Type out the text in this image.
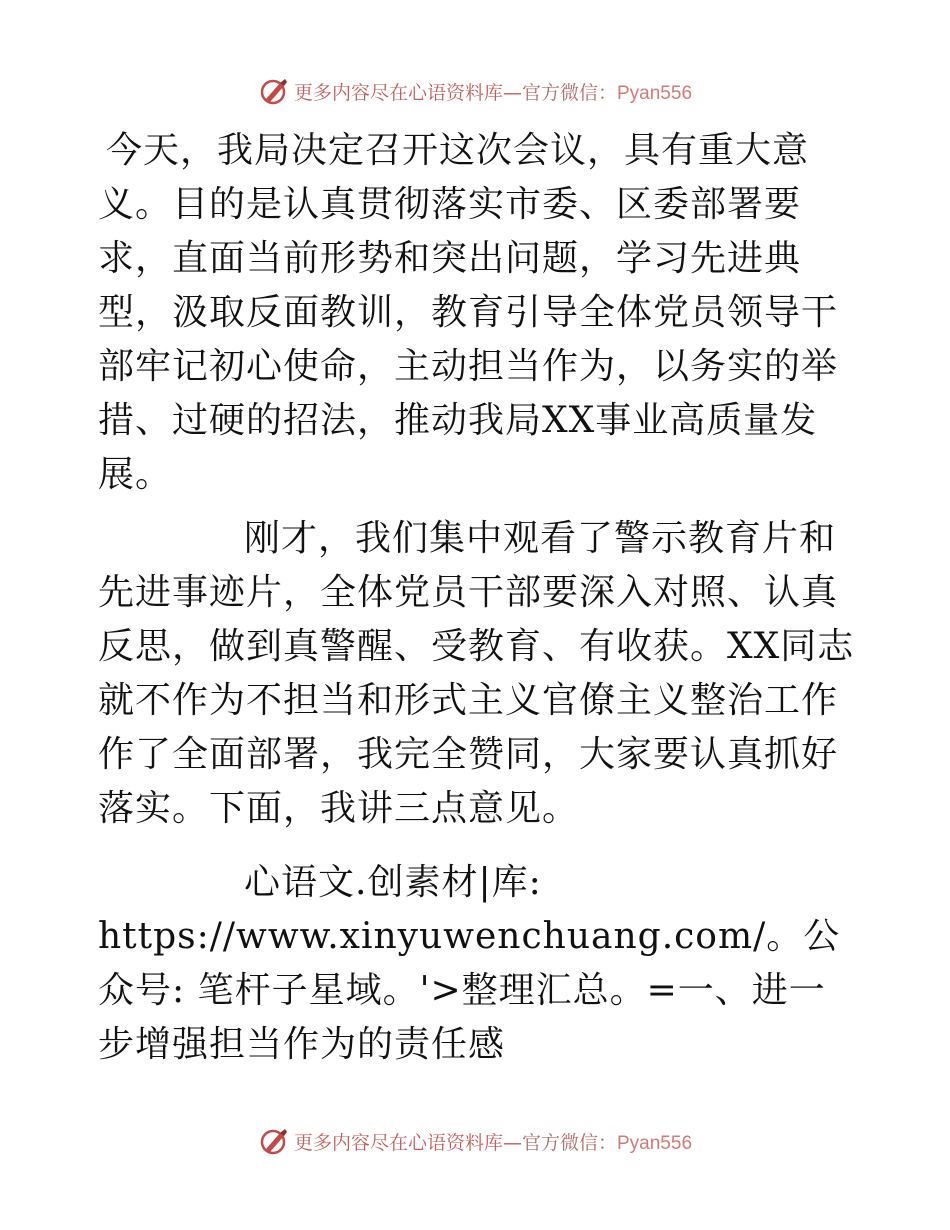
更多内容尽在心语资料库—官方微信：Pyan556

今天，我局决定召开这次会议，具有重大意义。目的是认真贯彻落实市委、区委部署要求，直面当前形势和突出问题，学习先进典型，汲取反面教训，教育引导全体党员领导干部牢记初心使命，主动担当作为，以务实的举措、过硬的招法，推动我局XX事业高质量发展。

刚才，我们集中观看了警示教育片和先进事迹片，全体党员干部要深入对照、认真反思，做到真警醒、受教育、有收获。XX同志就不作为不担当和形式主义官僚主义整治工作作了全面部署，我完全赞同，大家要认真抓好落实。下面，我讲三点意见。

心语文.创素材|库: https://www.xinyuwenchuang.com/。公众号: 笔杆子星域。'>整理汇总。=一、进一步增强担当作为的责任感

更多内容尽在心语资料库—官方微信：Pyan556
